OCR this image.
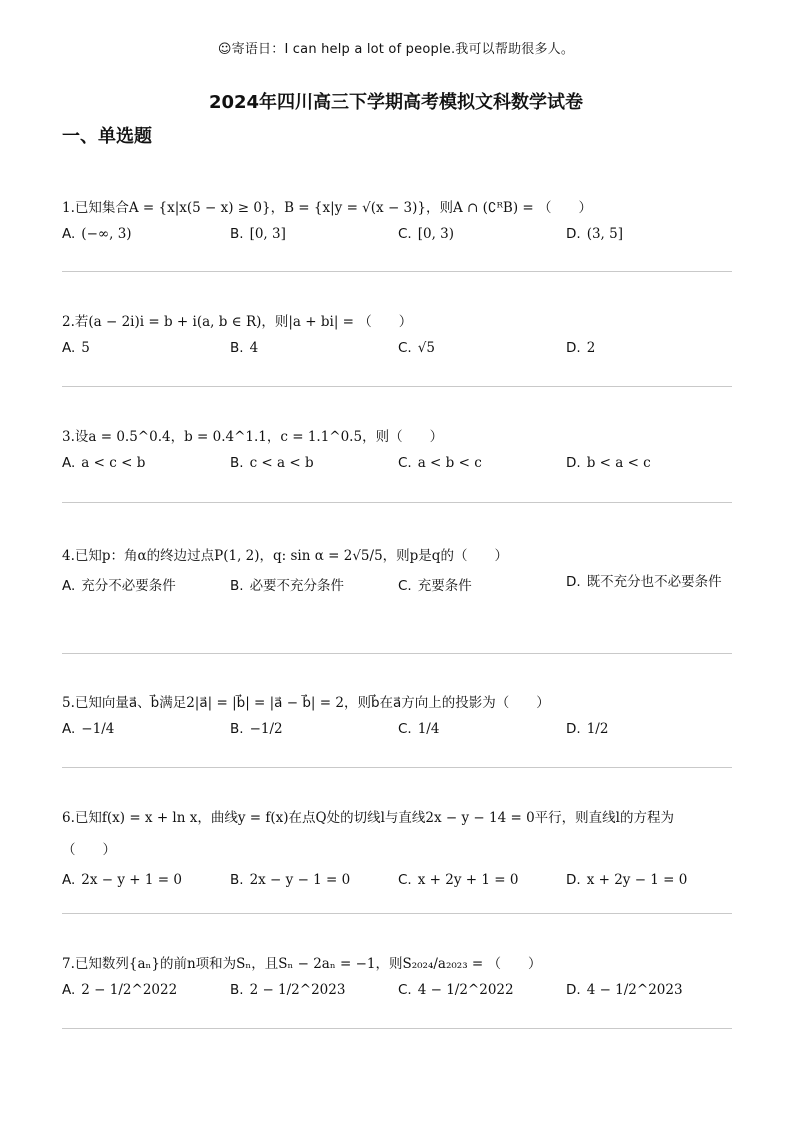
☺寄语日：I can help a lot of people.我可以帮助很多人。
2024年四川高三下学期高考模拟文科数学试卷
一、单选题
1.已知集合A = {x|x(5 − x) ≥ 0}，B = {x|y = √(x − 3)}，则A ∩ (∁ᴿB) = （　　）
A. (−∞, 3)	B. [0, 3]	C. [0, 3)	D. (3, 5]
2.若(a − 2i)i = b + i(a, b ∈ R)，则|a + bi| = （　　）
A. 5	B. 4	C. √5	D. 2
3.设a = 0.5^0.4，b = 0.4^1.1，c = 1.1^0.5，则（　　）
A. a < c < b	B. c < a < b	C. a < b < c	D. b < a < c
4.已知p：角α的终边过点P(1, 2)，q: sin α = 2√5/5，则p是q的（　　）
A. 充分不必要条件	B. 必要不充分条件	C. 充要条件	D. 既不充分也不必要条件
5.已知向量a⃗、b⃗满足2|a⃗| = |b⃗| = |a⃗ − b⃗| = 2，则b⃗在a⃗方向上的投影为（　　）
A. −1/4	B. −1/2	C. 1/4	D. 1/2
6.已知f(x) = x + ln x，曲线y = f(x)在点Q处的切线l与直线2x − y − 14 = 0平行，则直线l的方程为
（　　）
A. 2x − y + 1 = 0	B. 2x − y − 1 = 0	C. x + 2y + 1 = 0	D. x + 2y − 1 = 0
7.已知数列{aₙ}的前n项和为Sₙ，且Sₙ − 2aₙ = −1，则S₂₀₂₄/a₂₀₂₃ = （　　）
A. 2 − 1/2^2022	B. 2 − 1/2^2023	C. 4 − 1/2^2022	D. 4 − 1/2^2023
